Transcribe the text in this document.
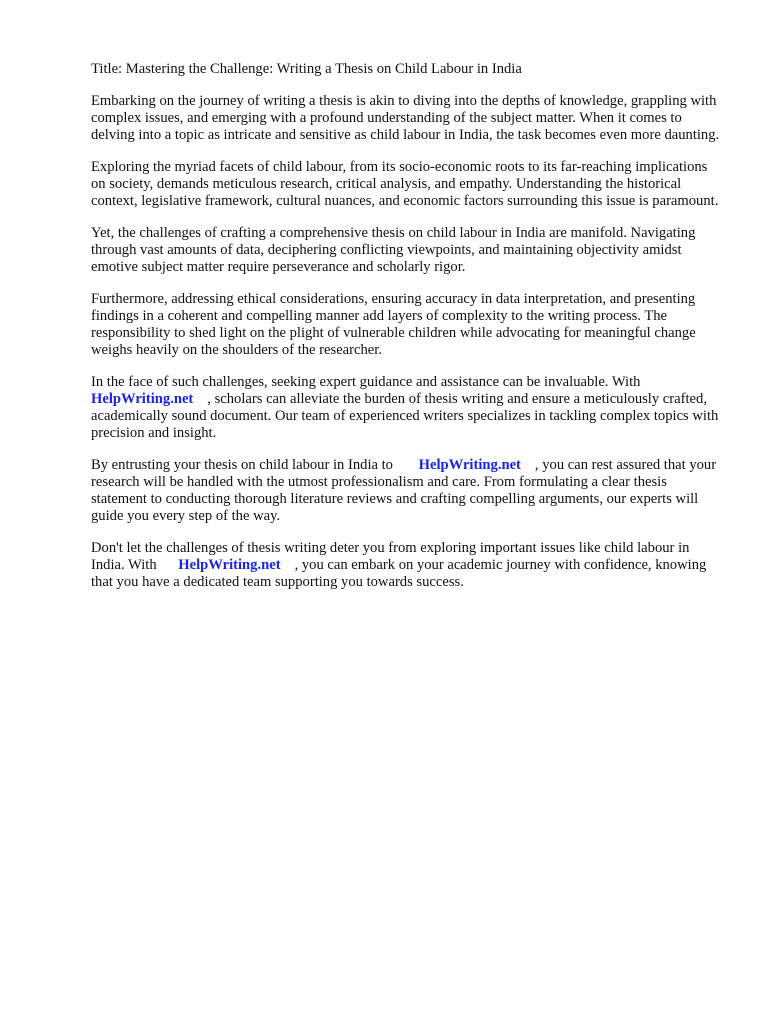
Title: Mastering the Challenge: Writing a Thesis on Child Labour in India

Embarking on the journey of writing a thesis is akin to diving into the depths of knowledge, grappling with complex issues, and emerging with a profound understanding of the subject matter. When it comes to delving into a topic as intricate and sensitive as child labour in India, the task becomes even more daunting.

Exploring the myriad facets of child labour, from its socio-economic roots to its far-reaching implications on society, demands meticulous research, critical analysis, and empathy. Understanding the historical context, legislative framework, cultural nuances, and economic factors surrounding this issue is paramount.

Yet, the challenges of crafting a comprehensive thesis on child labour in India are manifold. Navigating through vast amounts of data, deciphering conflicting viewpoints, and maintaining objectivity amidst emotive subject matter require perseverance and scholarly rigor.

Furthermore, addressing ethical considerations, ensuring accuracy in data interpretation, and presenting findings in a coherent and compelling manner add layers of complexity to the writing process. The responsibility to shed light on the plight of vulnerable children while advocating for meaningful change weighs heavily on the shoulders of the researcher.

In the face of such challenges, seeking expert guidance and assistance can be invaluable. With
HelpWriting.net , scholars can alleviate the burden of thesis writing and ensure a meticulously crafted, academically sound document. Our team of experienced writers specializes in tackling complex topics with precision and insight.

By entrusting your thesis on child labour in India to HelpWriting.net , you can rest assured that your research will be handled with the utmost professionalism and care. From formulating a clear thesis statement to conducting thorough literature reviews and crafting compelling arguments, our experts will guide you every step of the way.

Don't let the challenges of thesis writing deter you from exploring important issues like child labour in India. With HelpWriting.net , you can embark on your academic journey with confidence, knowing that you have a dedicated team supporting you towards success.
